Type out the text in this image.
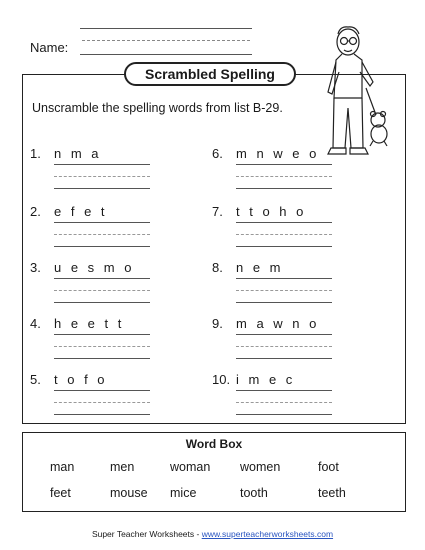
Name:
Scrambled Spelling
Unscramble the spelling words from list B-29.
1. n m a
2. e f e t
3. u e s m o
4. h e e t t
5. t o f o
6. m n w e o
7. t t o h o
8. n e m
9. m a w n o
10. i m e c
Word Box
man	men	woman women	foot
feet	mouse mice	tooth	teeth
Super Teacher Worksheets - www.superteacherworksheets.com
